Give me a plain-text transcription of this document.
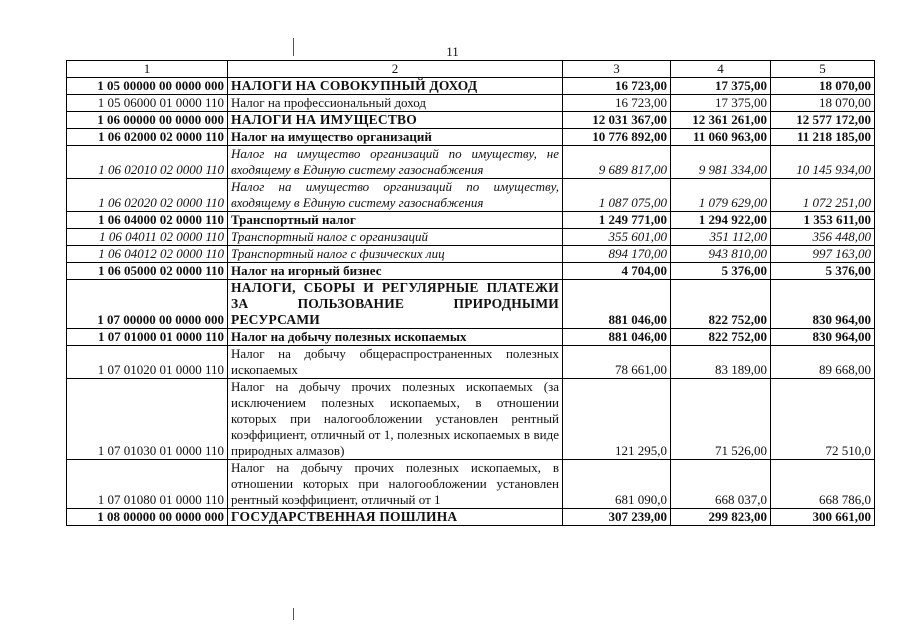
11
1	2	3	4	5
1 05 00000 00 0000 000	НАЛОГИ НА СОВОКУПНЫЙ ДОХОД	16 723,00	17 375,00	18 070,00
1 05 06000 01 0000 110	Налог на профессиональный доход	16 723,00	17 375,00	18 070,00
1 06 00000 00 0000 000	НАЛОГИ НА ИМУЩЕСТВО	12 031 367,00	12 361 261,00	12 577 172,00
1 06 02000 02 0000 110	Налог на имущество организаций	10 776 892,00	11 060 963,00	11 218 185,00
1 06 02010 02 0000 110	Налог на имущество организаций по имуществу, не входящему в Единую систему газоснабжения	9 689 817,00	9 981 334,00	10 145 934,00
1 06 02020 02 0000 110	Налог на имущество организаций по имуществу, входящему в Единую систему газоснабжения	1 087 075,00	1 079 629,00	1 072 251,00
1 06 04000 02 0000 110	Транспортный налог	1 249 771,00	1 294 922,00	1 353 611,00
1 06 04011 02 0000 110	Транспортный налог с организаций	355 601,00	351 112,00	356 448,00
1 06 04012 02 0000 110	Транспортный налог с физических лиц	894 170,00	943 810,00	997 163,00
1 06 05000 02 0000 110	Налог на игорный бизнес	4 704,00	5 376,00	5 376,00
1 07 00000 00 0000 000	НАЛОГИ, СБОРЫ И РЕГУЛЯРНЫЕ ПЛАТЕЖИ ЗА ПОЛЬЗОВАНИЕ ПРИРОДНЫМИ РЕСУРСАМИ	881 046,00	822 752,00	830 964,00
1 07 01000 01 0000 110	Налог на добычу полезных ископаемых	881 046,00	822 752,00	830 964,00
1 07 01020 01 0000 110	Налог на добычу общераспространенных полезных ископаемых	78 661,00	83 189,00	89 668,00
1 07 01030 01 0000 110	Налог на добычу прочих полезных ископаемых (за исключением полезных ископаемых, в отношении которых при налогообложении установлен рентный коэффициент, отличный от 1, полезных ископаемых в виде природных алмазов)	121 295,0	71 526,00	72 510,0
1 07 01080 01 0000 110	Налог на добычу прочих полезных ископаемых, в отношении которых при налогообложении установлен рентный коэффициент, отличный от 1	681 090,0	668 037,0	668 786,0
1 08 00000 00 0000 000	ГОСУДАРСТВЕННАЯ ПОШЛИНА	307 239,00	299 823,00	300 661,00
